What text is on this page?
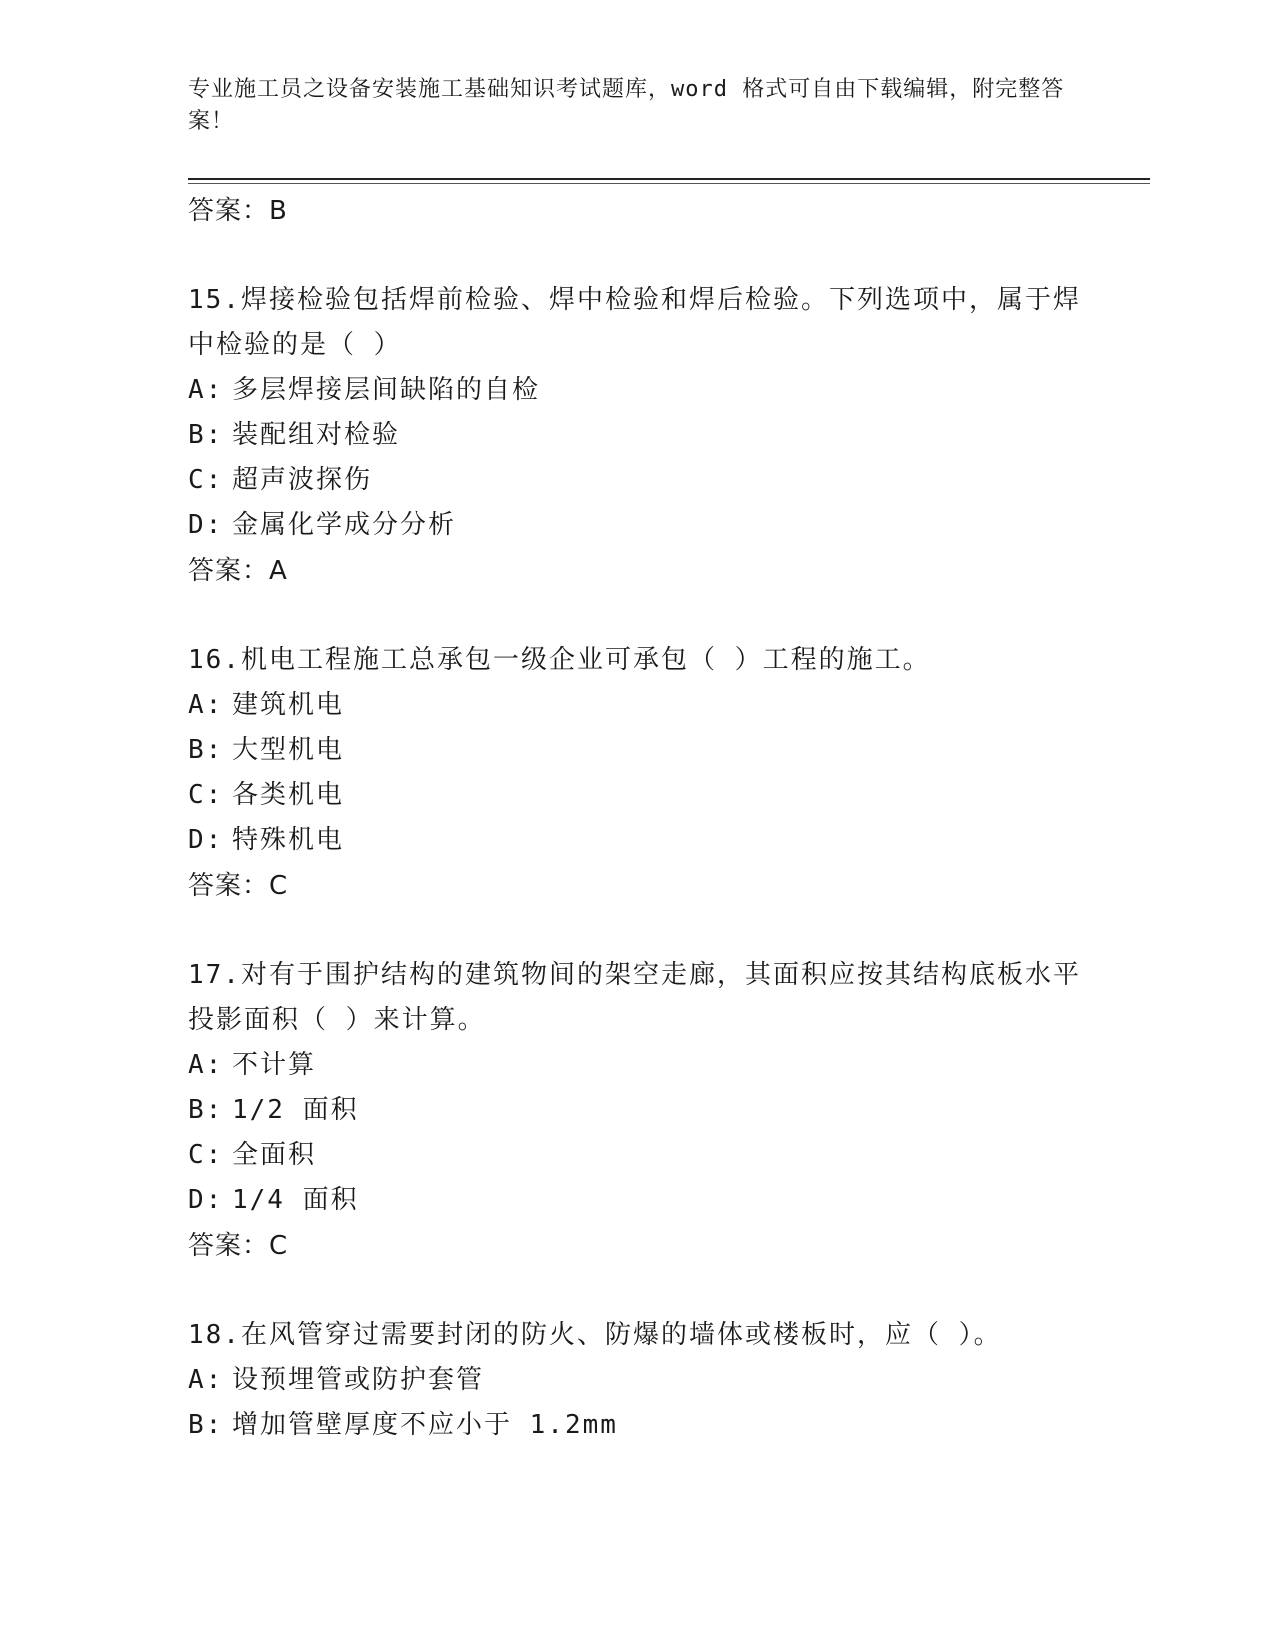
专业施工员之设备安装施工基础知识考试题库，word 格式可自由下载编辑，附完整答案！

答案：B

15.焊接检验包括焊前检验、焊中检验和焊后检验。下列选项中，属于焊中检验的是（ ）

A: 多层焊接层间缺陷的自检

B: 装配组对检验

C: 超声波探伤

D: 金属化学成分分析

答案：A

16.机电工程施工总承包一级企业可承包（ ）工程的施工。

A: 建筑机电

B: 大型机电

C: 各类机电

D: 特殊机电

答案：C

17.对有于围护结构的建筑物间的架空走廊，其面积应按其结构底板水平投影面积（ ）来计算。

A: 不计算

B: 1/2 面积

C: 全面积

D: 1/4 面积

答案：C

18.在风管穿过需要封闭的防火、防爆的墙体或楼板时，应（ ）。

A: 设预埋管或防护套管

B: 增加管壁厚度不应小于 1.2mm
